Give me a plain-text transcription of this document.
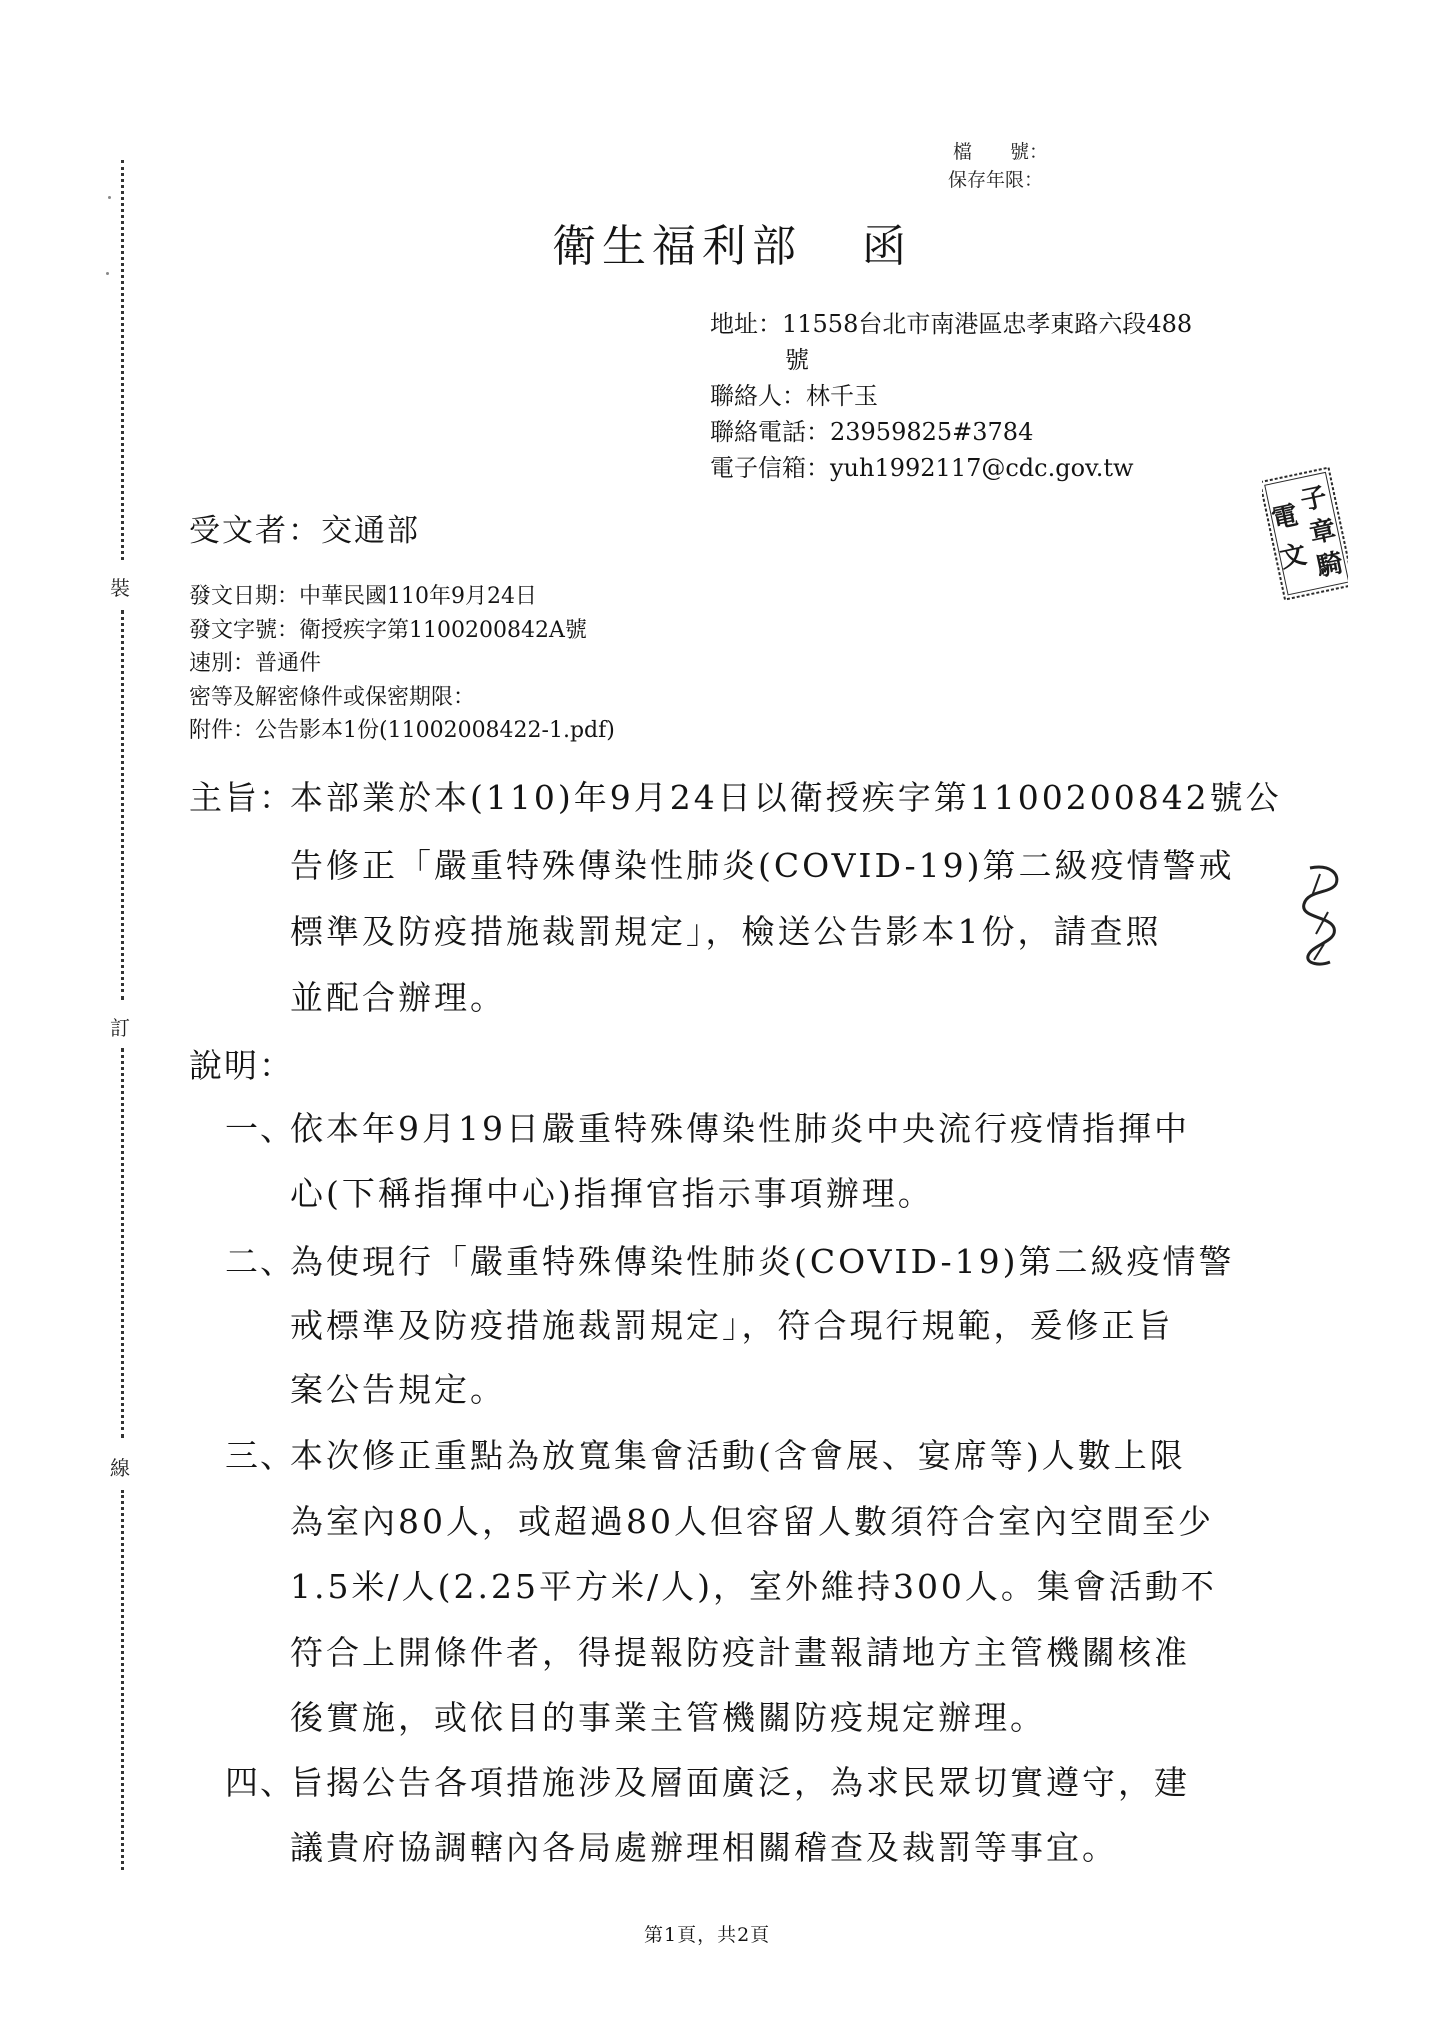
裝
訂
線
檔　　號：
保存年限：
衛生福利部 函
地址：11558台北市南港區忠孝東路六段488
號
聯絡人：林千玉
聯絡電話：23959825#3784
電子信箱：yuh1992117@cdc.gov.tw
子
電 章
文 騎
受文者：交通部
發文日期：中華民國110年9月24日
發文字號：衛授疾字第1100200842A號
速別：普通件
密等及解密條件或保密期限：
附件：公告影本1份(11002008422-1.pdf)
主旨：
本部業於本(110)年9月24日以衛授疾字第1100200842號公
告修正「嚴重特殊傳染性肺炎(COVID-19)第二級疫情警戒
標準及防疫措施裁罰規定」，檢送公告影本1份，請查照
並配合辦理。
說明：
一、
依本年9月19日嚴重特殊傳染性肺炎中央流行疫情指揮中
心(下稱指揮中心)指揮官指示事項辦理。
二、
為使現行「嚴重特殊傳染性肺炎(COVID-19)第二級疫情警
戒標準及防疫措施裁罰規定」，符合現行規範，爰修正旨
案公告規定。
三、
本次修正重點為放寬集會活動(含會展、宴席等)人數上限
為室內80人，或超過80人但容留人數須符合室內空間至少
1.5米/人(2.25平方米/人)，室外維持300人。集會活動不
符合上開條件者，得提報防疫計畫報請地方主管機關核准
後實施，或依目的事業主管機關防疫規定辦理。
四、
旨揭公告各項措施涉及層面廣泛，為求民眾切實遵守，建
議貴府協調轄內各局處辦理相關稽查及裁罰等事宜。
第1頁，共2頁
